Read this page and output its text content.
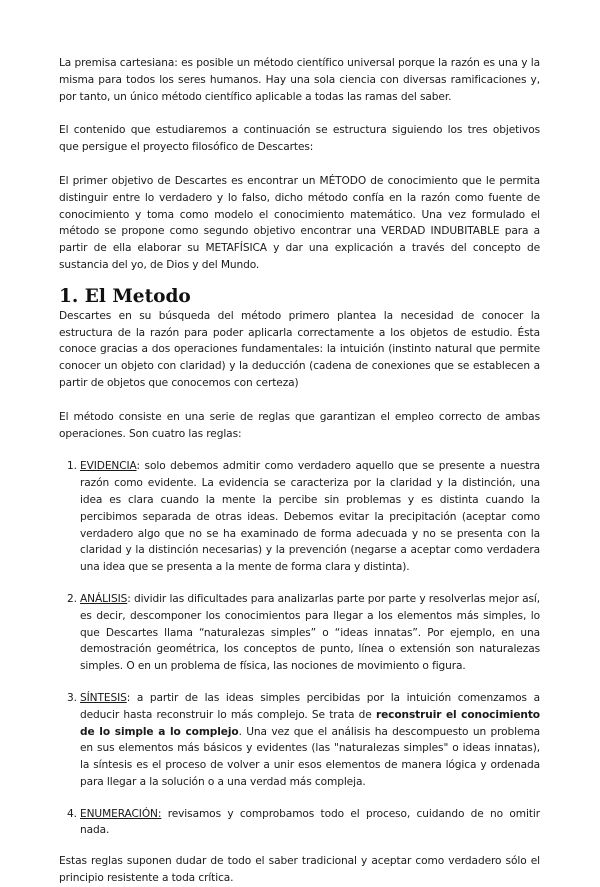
La premisa cartesiana: es posible un método científico universal porque la razón es una y la misma para todos los seres humanos. Hay una sola ciencia con diversas ramificaciones y, por tanto, un único método científico aplicable a todas las ramas del saber.

El contenido que estudiaremos a continuación se estructura siguiendo los tres objetivos que persigue el proyecto filosófico de Descartes:

El primer objetivo de Descartes es encontrar un MÉTODO de conocimiento que le permita distinguir entre lo verdadero y lo falso, dicho método confía en la razón como fuente de conocimiento y toma como modelo el conocimiento matemático. Una vez formulado el método se propone como segundo objetivo encontrar una VERDAD INDUBITABLE para a partir de ella elaborar su METAFÍSICA y dar una explicación a través del concepto de sustancia del yo, de Dios y del Mundo.

1. El Metodo

Descartes en su búsqueda del método primero plantea la necesidad de conocer la estructura de la razón para poder aplicarla correctamente a los objetos de estudio. Ésta conoce gracias a dos operaciones fundamentales: la intuición (instinto natural que permite conocer un objeto con claridad) y la deducción (cadena de conexiones que se establecen a partir de objetos que conocemos con certeza)

El método consiste en una serie de reglas que garantizan el empleo correcto de ambas operaciones. Son cuatro las reglas:

1. EVIDENCIA: solo debemos admitir como verdadero aquello que se presente a nuestra razón como evidente. La evidencia se caracteriza por la claridad y la distinción, una idea es clara cuando la mente la percibe sin problemas y es distinta cuando la percibimos separada de otras ideas. Debemos evitar la precipitación (aceptar como verdadero algo que no se ha examinado de forma adecuada y no se presenta con la claridad y la distinción necesarias) y la prevención (negarse a aceptar como verdadera una idea que se presenta a la mente de forma clara y distinta).
2. ANÁLISIS: dividir las dificultades para analizarlas parte por parte y resolverlas mejor así, es decir, descomponer los conocimientos para llegar a los elementos más simples, lo que Descartes llama “naturalezas simples” o “ideas innatas”. Por ejemplo, en una demostración geométrica, los conceptos de punto, línea o extensión son naturalezas simples. O en un problema de física, las nociones de movimiento o figura.
3. SÍNTESIS: a partir de las ideas simples percibidas por la intuición comenzamos a deducir hasta reconstruir lo más complejo. Se trata de reconstruir el conocimiento de lo simple a lo complejo. Una vez que el análisis ha descompuesto un problema en sus elementos más básicos y evidentes (las "naturalezas simples" o ideas innatas), la síntesis es el proceso de volver a unir esos elementos de manera lógica y ordenada para llegar a la solución o a una verdad más compleja.
4. ENUMERACIÓN: revisamos y comprobamos todo el proceso, cuidando de no omitir nada.

Estas reglas suponen dudar de todo el saber tradicional y aceptar como verdadero sólo el principio resistente a toda crítica.
